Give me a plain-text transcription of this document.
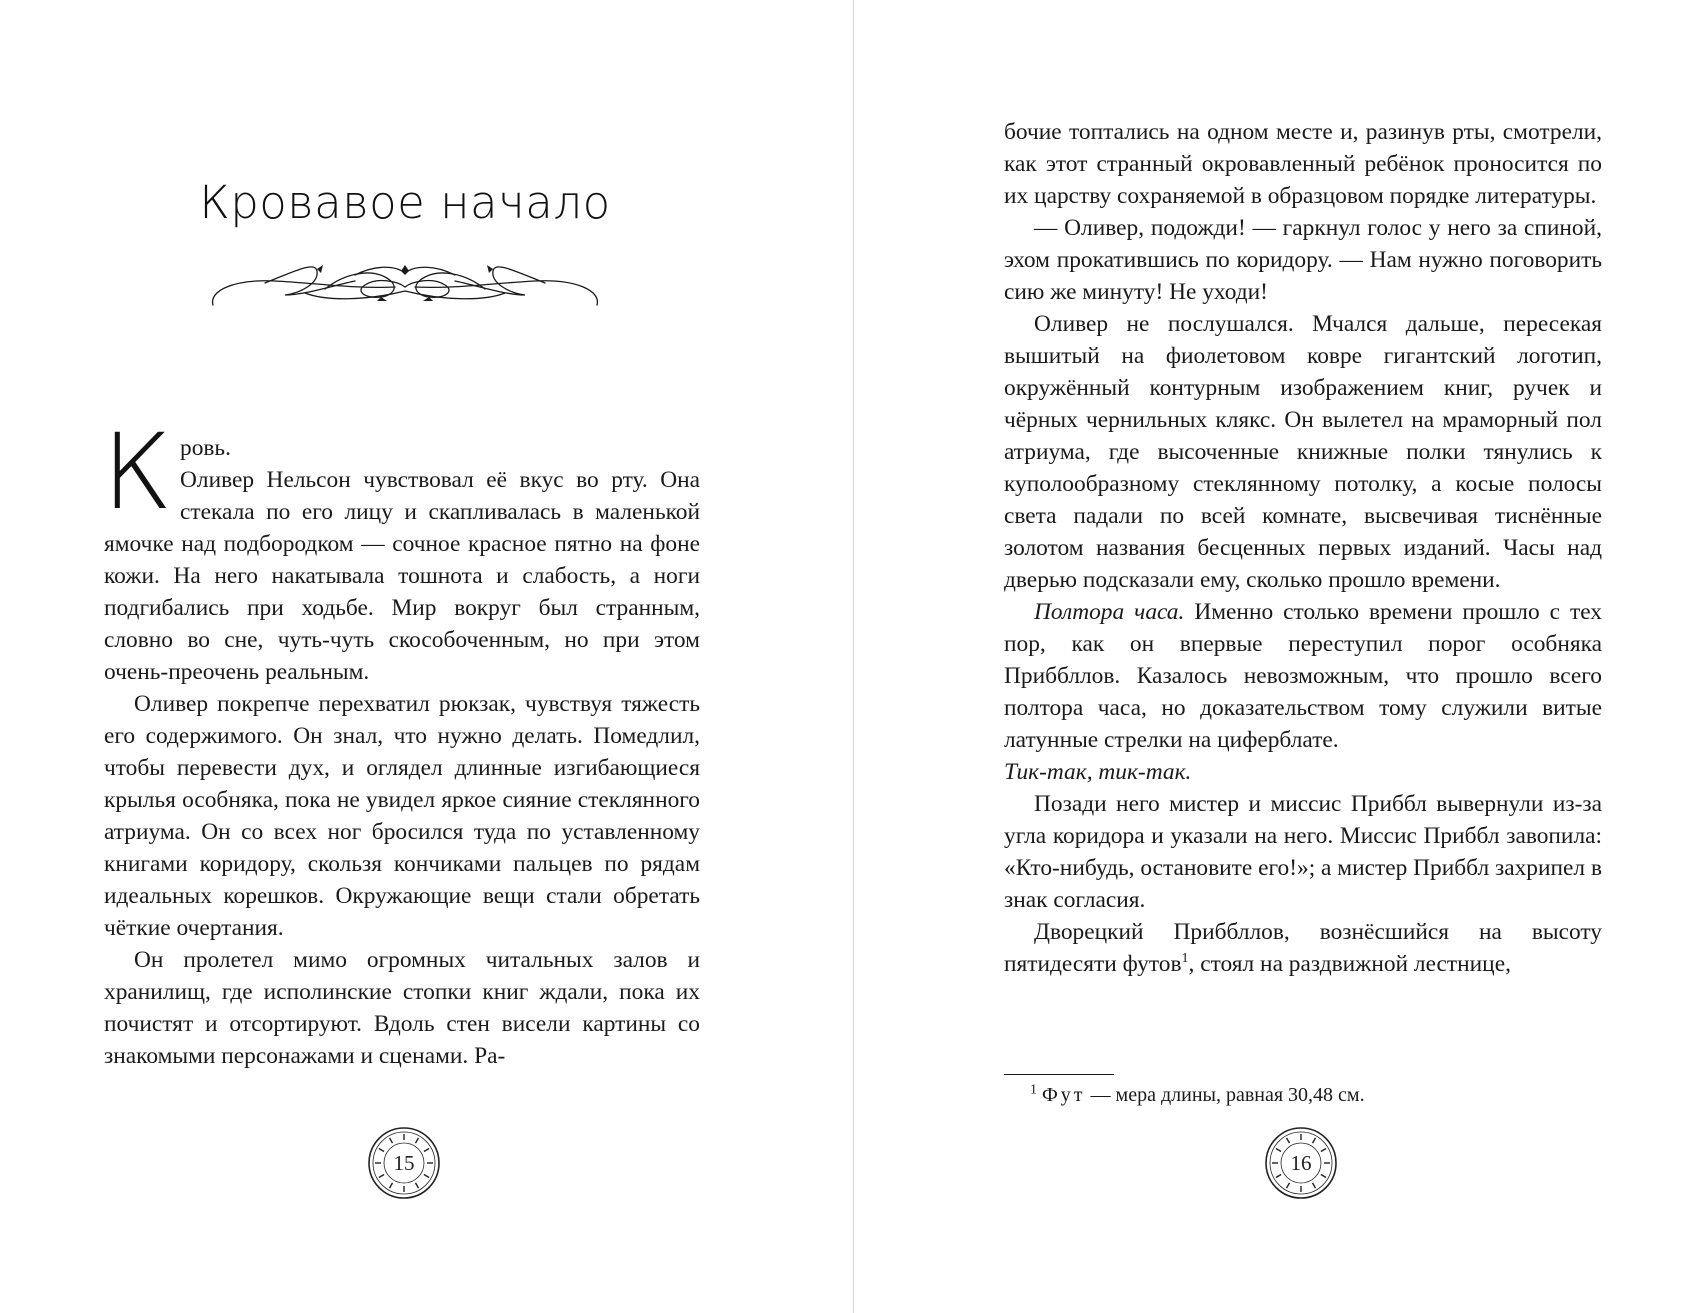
Кровавое начало

К ровь.
Оливер Нельсон чувствовал её вкус во рту. Она стекала по его лицу и скапливалась в маленькой ямочке над подбородком — сочное красное пятно на фоне кожи. На него накатывала тошнота и слабость, а ноги подгибались при ходьбе. Мир вокруг был странным, словно во сне, чуть-чуть скособоченным, но при этом очень-преочень реальным.

Оливер покрепче перехватил рюкзак, чувствуя тяжесть его содержимого. Он знал, что нужно делать. Помедлил, чтобы перевести дух, и оглядел длинные изгибающиеся крылья особняка, пока не увидел яркое сияние стеклянного атриума. Он со всех ног бросился туда по уставленному книгами коридору, скользя кончиками пальцев по рядам идеальных корешков. Окружающие вещи стали обретать чёткие очертания.

Он пролетел мимо огромных читальных залов и хранилищ, где исполинские стопки книг ждали, пока их почистят и отсортируют. Вдоль стен висели картины со знакомыми персонажами и сценами. Ра-

15

бочие топтались на одном месте и, разинув рты, смотрели, как этот странный окровавленный ребёнок проносится по их царству сохраняемой в образцовом порядке литературы.

— Оливер, подожди! — гаркнул голос у него за спиной, эхом прокатившись по коридору. — Нам нужно поговорить сию же минуту! Не уходи!

Оливер не послушался. Мчался дальше, пересекая вышитый на фиолетовом ковре гигантский логотип, окружённый контурным изображением книг, ручек и чёрных чернильных клякс. Он вылетел на мраморный пол атриума, где высоченные книжные полки тянулись к куполообразному стеклянному потолку, а косые полосы света падали по всей комнате, высвечивая тиснённые золотом названия бесценных первых изданий. Часы над дверью подсказали ему, сколько прошло времени.

Полтора часа. Именно столько времени прошло с тех пор, как он впервые переступил порог особняка Приббллов. Казалось невозможным, что прошло всего полтора часа, но доказательством тому служили витые латунные стрелки на циферблате.
Тик-так, тик-так.

Позади него мистер и миссис Приббл вывернули из-за угла коридора и указали на него. Миссис Приббл завопила: «Кто-нибудь, остановите его!»; а мистер Приббл захрипел в знак согласия.

Дворецкий Приббллов, вознёсшийся на высоту пятидесяти футов$^1$, стоял на раздвижной лестнице,

$^1$ Фут — мера длины, равная 30,48 см.
16
